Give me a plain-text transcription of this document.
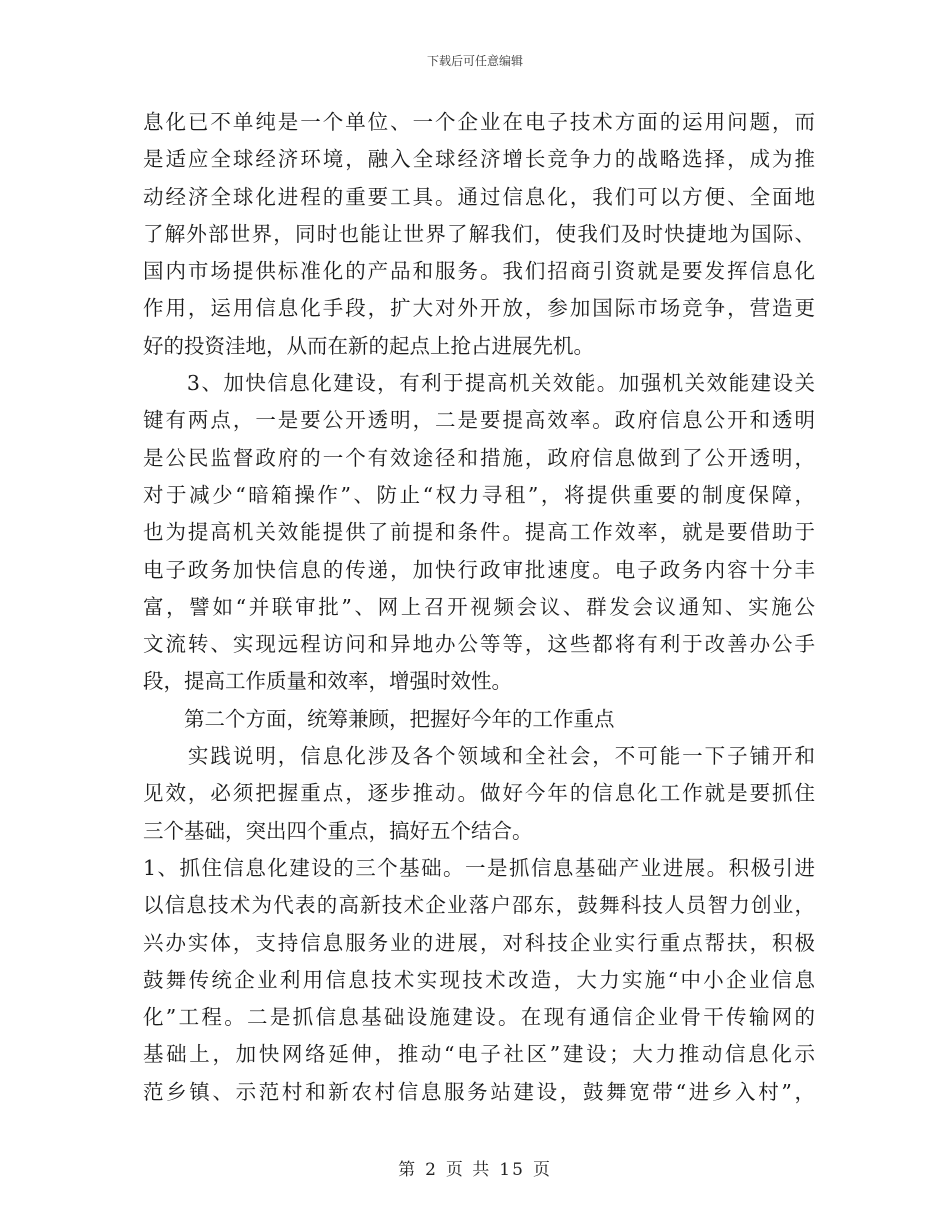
下载后可任意编辑
息化已不单纯是一个单位、一个企业在电子技术方面的运用问题，而
是适应全球经济环境，融入全球经济增长竞争力的战略选择，成为推
动经济全球化进程的重要工具。通过信息化，我们可以方便、全面地
了解外部世界，同时也能让世界了解我们，使我们及时快捷地为国际、
国内市场提供标准化的产品和服务。我们招商引资就是要发挥信息化
作用，运用信息化手段，扩大对外开放，参加国际市场竞争，营造更
好的投资洼地，从而在新的起点上抢占进展先机。
　　3、加快信息化建设，有利于提高机关效能。加强机关效能建设关
键有两点，一是要公开透明，二是要提高效率。政府信息公开和透明
是公民监督政府的一个有效途径和措施，政府信息做到了公开透明，
对于减少“暗箱操作”、防止“权力寻租”，将提供重要的制度保障，
也为提高机关效能提供了前提和条件。提高工作效率，就是要借助于
电子政务加快信息的传递，加快行政审批速度。电子政务内容十分丰
富，譬如“并联审批”、网上召开视频会议、群发会议通知、实施公
文流转、实现远程访问和异地办公等等，这些都将有利于改善办公手
段，提高工作质量和效率，增强时效性。
　　第二个方面，统筹兼顾，把握好今年的工作重点
　　实践说明，信息化涉及各个领域和全社会，不可能一下子铺开和
见效，必须把握重点，逐步推动。做好今年的信息化工作就是要抓住
三个基础，突出四个重点，搞好五个结合。
1、抓住信息化建设的三个基础。一是抓信息基础产业进展。积极引进
以信息技术为代表的高新技术企业落户邵东，鼓舞科技人员智力创业，
兴办实体，支持信息服务业的进展，对科技企业实行重点帮扶，积极
鼓舞传统企业利用信息技术实现技术改造，大力实施“中小企业信息
化”工程。二是抓信息基础设施建设。在现有通信企业骨干传输网的
基础上，加快网络延伸，推动“电子社区”建设；大力推动信息化示
范乡镇、示范村和新农村信息服务站建设，鼓舞宽带“进乡入村”，
第 2 页 共 15 页
